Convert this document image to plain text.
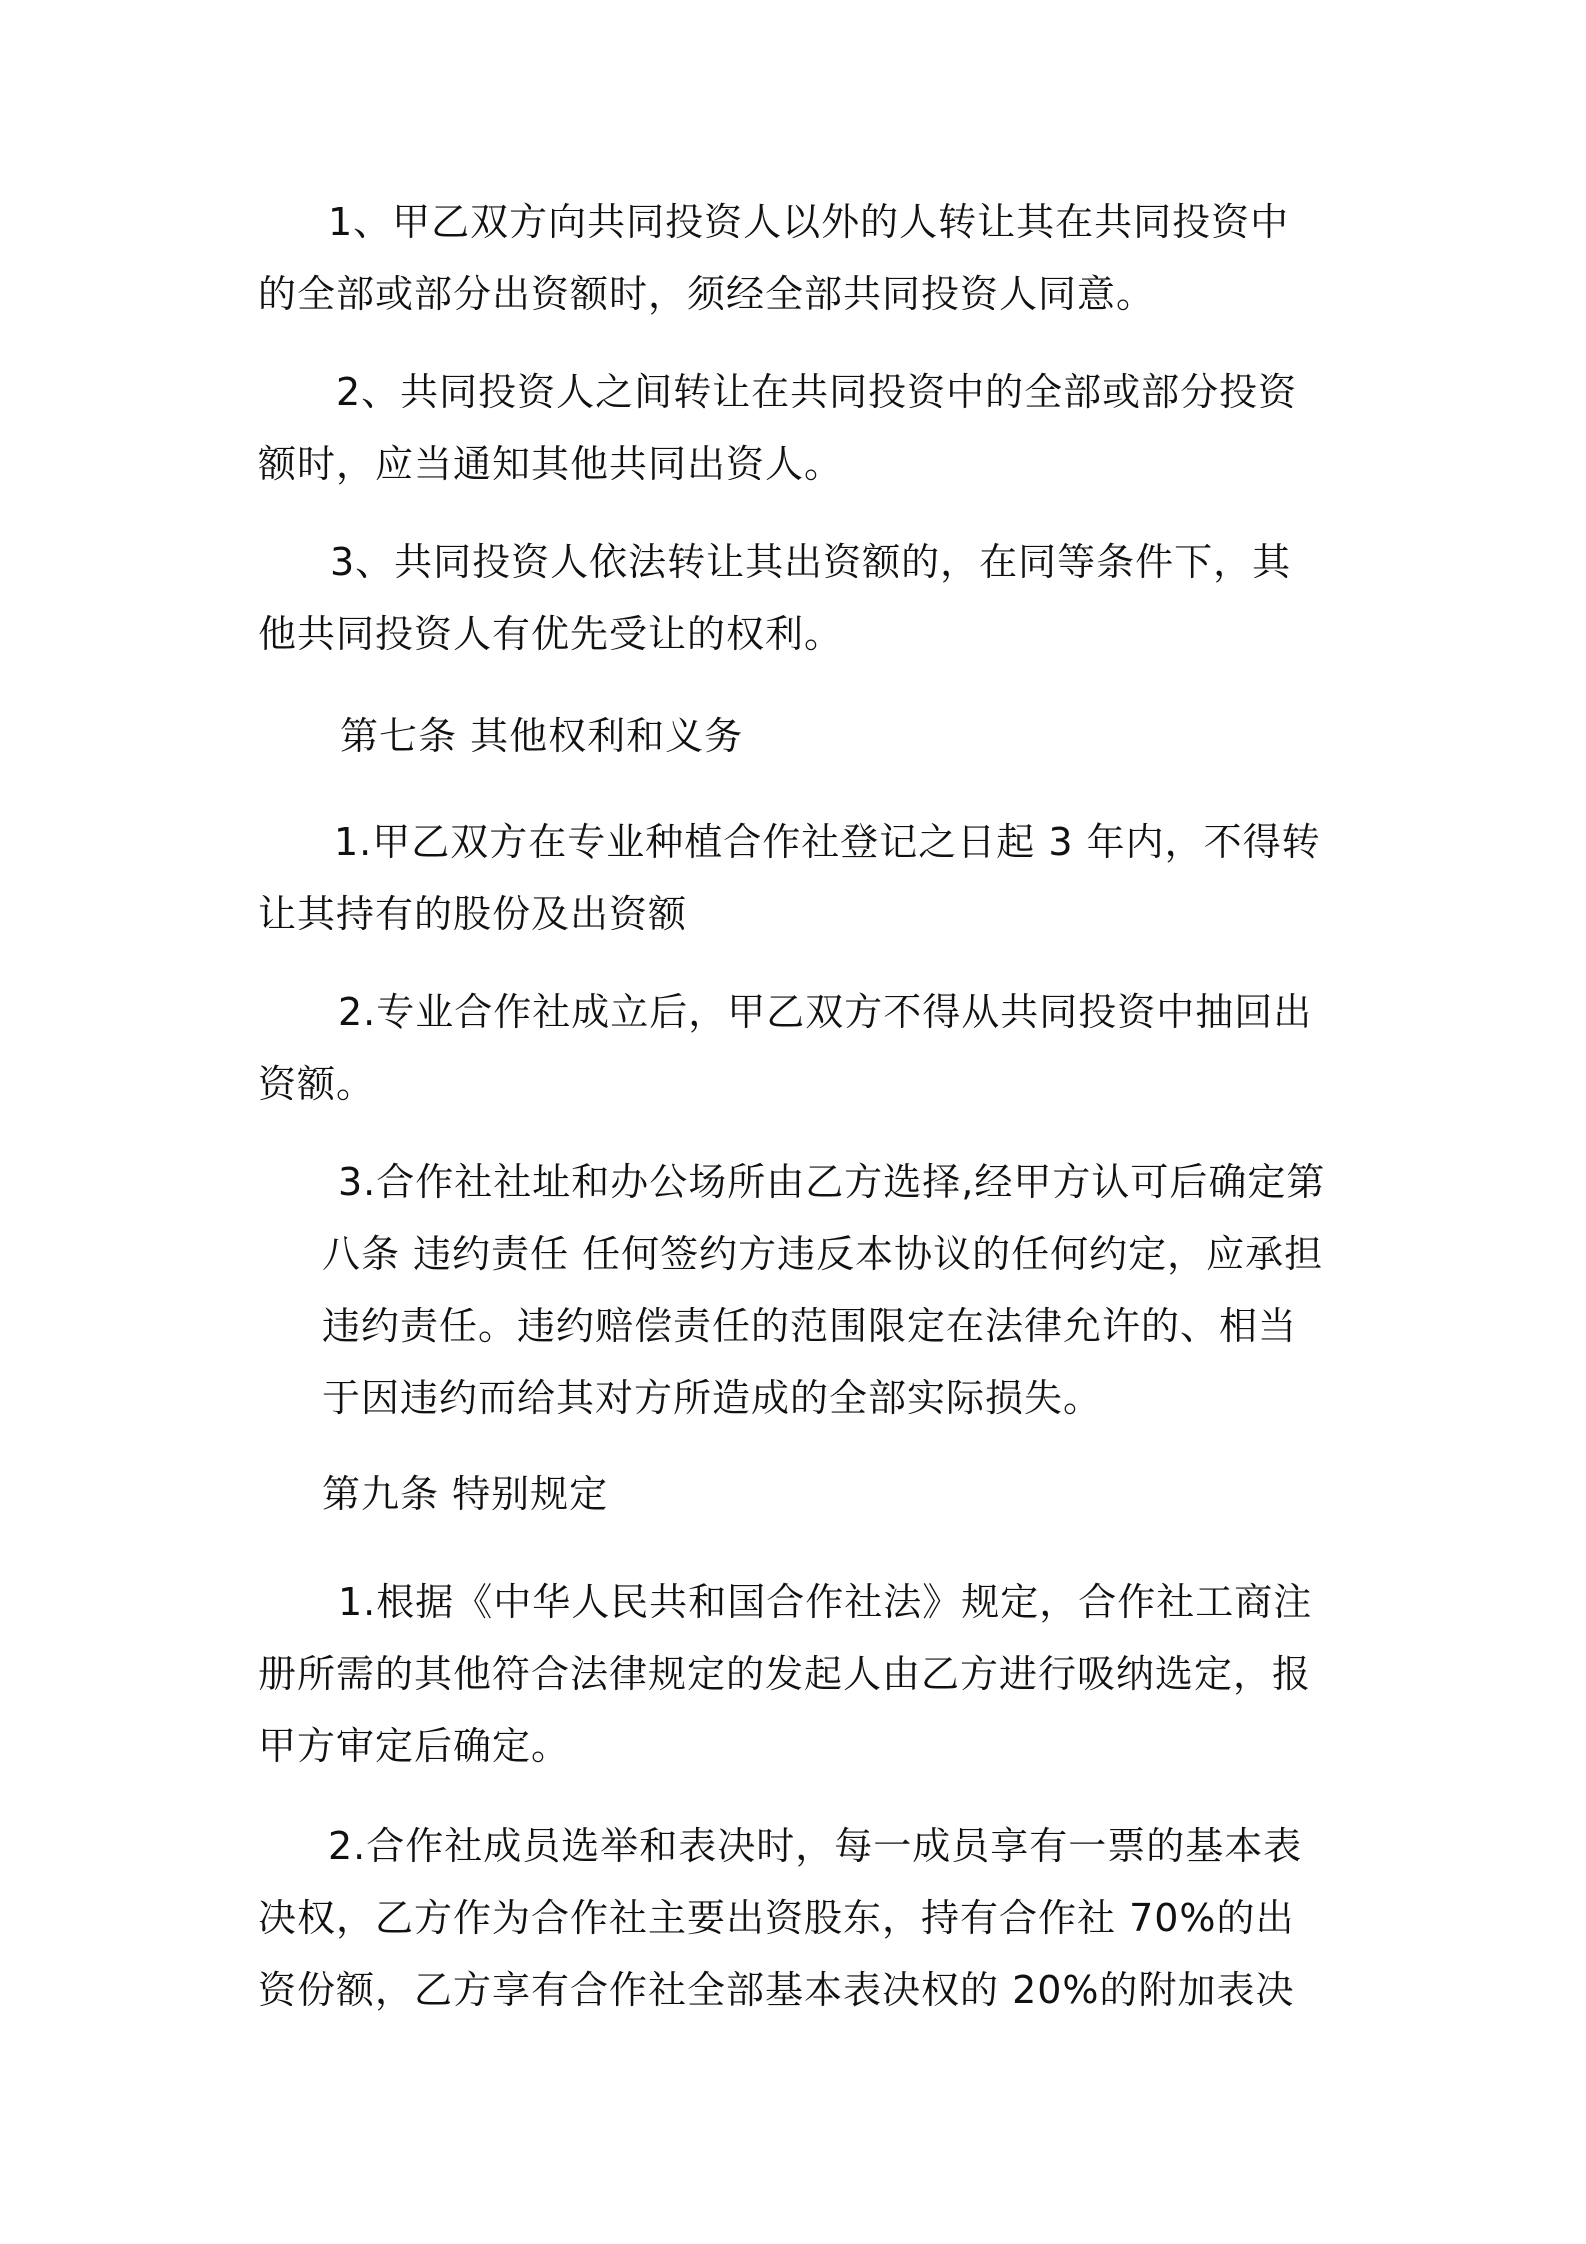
1、甲乙双方向共同投资人以外的人转让其在共同投资中
的全部或部分出资额时，须经全部共同投资人同意。
2、共同投资人之间转让在共同投资中的全部或部分投资
额时，应当通知其他共同出资人。
3、共同投资人依法转让其出资额的，在同等条件下，其
他共同投资人有优先受让的权利。
第七条 其他权利和义务
1.甲乙双方在专业种植合作社登记之日起 3 年内，不得转
让其持有的股份及出资额
2.专业合作社成立后，甲乙双方不得从共同投资中抽回出
资额。
3.合作社社址和办公场所由乙方选择,经甲方认可后确定第
八条 违约责任 任何签约方违反本协议的任何约定，应承担
违约责任。违约赔偿责任的范围限定在法律允许的、相当
于因违约而给其对方所造成的全部实际损失。
第九条 特别规定
1.根据《中华人民共和国合作社法》规定，合作社工商注
册所需的其他符合法律规定的发起人由乙方进行吸纳选定，报
甲方审定后确定。
2.合作社成员选举和表决时，每一成员享有一票的基本表
决权，乙方作为合作社主要出资股东，持有合作社 70%的出
资份额，乙方享有合作社全部基本表决权的 20%的附加表决
